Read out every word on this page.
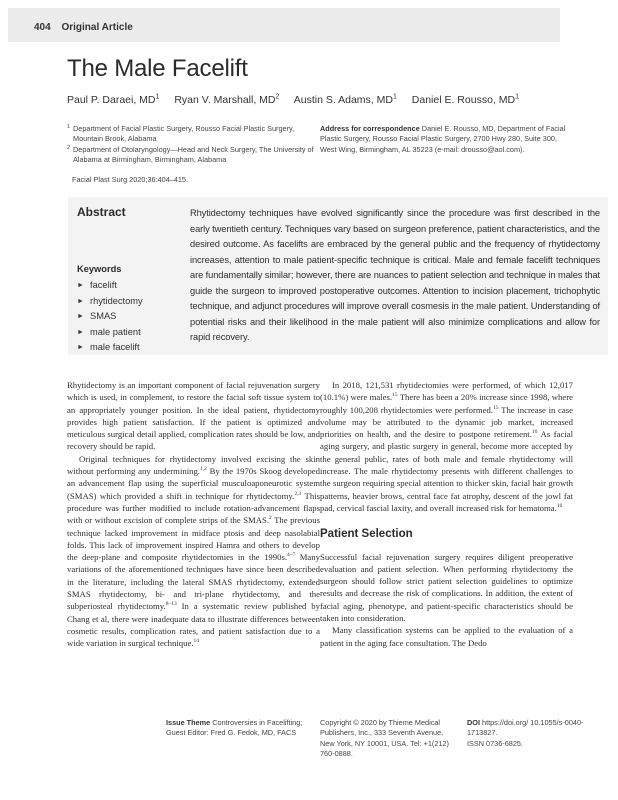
404 Original Article
The Male Facelift
Paul P. Daraei, $MD^1$ Ryan V. Marshall, $MD^2$ Austin S. Adams, $MD^1$ Daniel E. Rousso, $MD^1$
1 Department of Facial Plastic Surgery, Rousso Facial Plastic Surgery, Mountain Brook, Alabama
2 Department of Otolaryngology—Head and Neck Surgery, The University of Alabama at Birmingham, Birmingham, Alabama
Facial Plast Surg 2020;36:404–415.
Address for correspondence Daniel E. Rousso, MD, Department of Facial Plastic Surgery, Rousso Facial Plastic Surgery, 2700 Hwy 280, Suite 300, West Wing, Birmingham, AL 35223 (e-mail: drousso@aol.com).
Abstract	Rhytidectomy techniques have evolved significantly since the procedure was first described in the early twentieth century. Techniques vary based on surgeon preference, patient characteristics, and the desired outcome. As facelifts are embraced by the general public and the frequency of rhytidectomy increases, attention to male patient-specific technique is critical. Male and female facelift techniques are fundamentally similar; however, there are nuances to patient selection and technique in males that guide the surgeon to improved postoperative outcomes. Attention to incision placement, trichophytic technique, and adjunct procedures will improve overall cosmesis in the male patient. Understanding of potential risks and their likelihood in the male patient will also minimize complications and allow for rapid recovery.
Keywords
► facelift
► rhytidectomy
► SMAS
► male patient
► male facelift

Rhytidectomy is an important component of facial rejuvenation surgery which is used, in complement, to restore the facial soft tissue system to an appropriately younger position. In the ideal patient, rhytidectomy provides high patient satisfaction. If the patient is optimized and meticulous surgical detail applied, complication rates should be low, and recovery should be rapid.

Original techniques for rhytidectomy involved excising the skin without performing any undermining.$^{1,2}$ By the 1970s Skoog developed an advancement flap using the superficial musculoaponeurotic system (SMAS) which provided a shift in technique for rhytidectomy.$^{2,3}$ This procedure was further modified to include rotation-advancement flaps with or without excision of complete strips of the SMAS.$^2$ The previous technique lacked improvement in midface ptosis and deep nasolabial folds. This lack of improvement inspired Hamra and others to develop the deep-plane and composite rhytidectomies in the 1990s.$^{4-7}$ Many variations of the aforementioned techniques have since been described in the literature, including the lateral SMAS rhytidectomy, extended SMAS rhytidectomy, bi- and tri-plane rhytidectomy, and the subperiosteal rhytidectomy.$^{8-13}$ In a systematic review published by Chang et al, there were inadequate data to illustrate differences between cosmetic results, complication rates, and patient satisfaction due to a wide variation in surgical technique.$^{14}$

In 2018, 121,531 rhytidectomies were performed, of which 12,017 (10.1%) were males.$^{15}$ There has been a 20% increase since 1998, where roughly 100,208 rhytidectomies were performed.$^{15}$ The increase in case volume may be attributed to the dynamic job market, increased priorities on health, and the desire to postpone retirement.$^{16}$ As facial aging surgery, and plastic surgery in general, become more accepted by the general public, rates of both male and female rhytidectomy will increase. The male rhytidectomy presents with different challenges to the surgeon requiring special attention to thicker skin, facial hair growth patterns, heavier brows, central face fat atrophy, descent of the jowl fat pad, cervical fascial laxity, and overall increased risk for hematoma.$^{16}$

Patient Selection

Successful facial rejuvenation surgery requires diligent preoperative evaluation and patient selection. When performing rhytidectomy the surgeon should follow strict patient selection guidelines to optimize results and decrease the risk of complications. In addition, the extent of facial aging, phenotype, and patient-specific characteristics should be taken into consideration.

Many classification systems can be applied to the evaluation of a patient in the aging face consultation. The Dedo

Issue Theme Controversies in Facelifting; Guest Editor: Fred G. Fedok, MD, FACS
Copyright © 2020 by Thieme Medical Publishers, Inc., 333 Seventh Avenue, New York, NY 10001, USA. Tel: +1(212) 760-0888.
DOI https://doi.org/ 10.1055/s-0040-1713827.
ISSN 0736-6825.
